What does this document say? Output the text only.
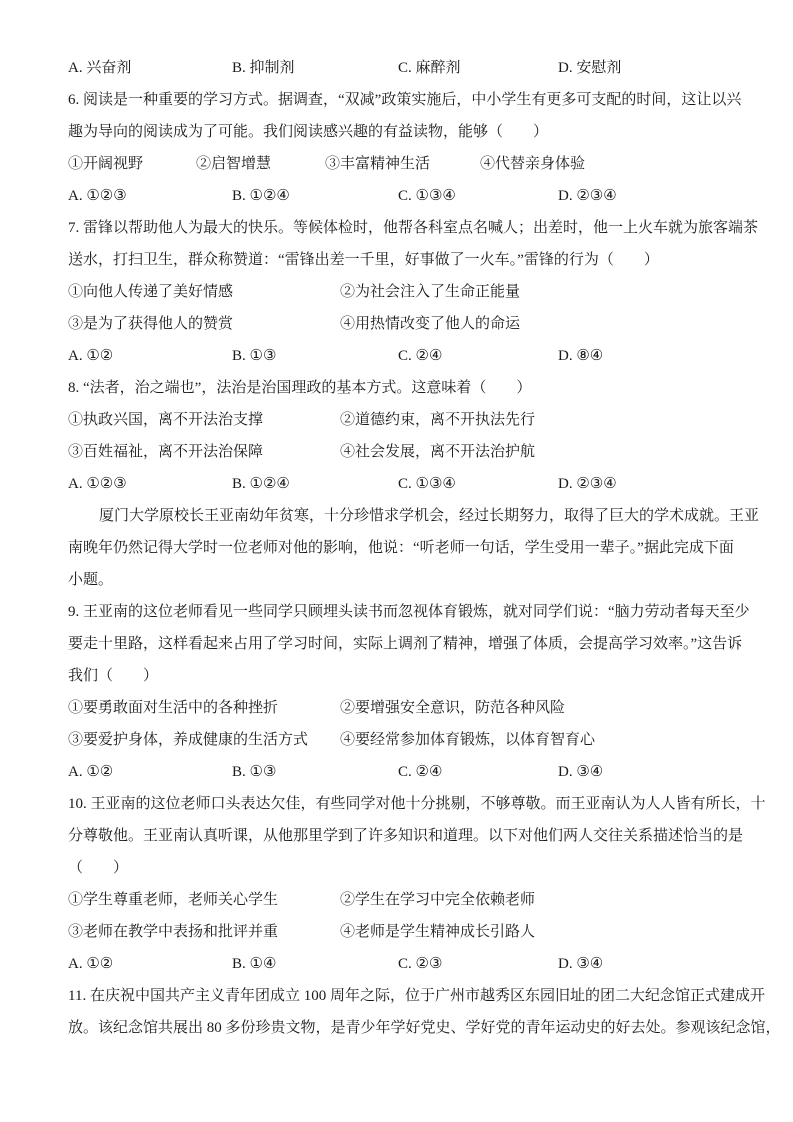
A. 兴奋剂	B. 抑制剂	C. 麻醉剂	D. 安慰剂

6. 阅读是一种重要的学习方式。据调查，“双减”政策实施后，中小学生有更多可支配的时间，这让以兴

趣为导向的阅读成为了可能。我们阅读感兴趣的有益读物，能够（　　）

①开阔视野	②启智增慧	③丰富精神生活	④代替亲身体验
A. ①②③	B. ①②④	C. ①③④	D. ②③④

7. 雷锋以帮助他人为最大的快乐。等候体检时，他帮各科室点名喊人；出差时，他一上火车就为旅客端茶

送水，打扫卫生，群众称赞道：“雷锋出差一千里，好事做了一火车。”雷锋的行为（　　）

①向他人传递了美好情感	②为社会注入了生命正能量
③是为了获得他人的赞赏	④用热情改变了他人的命运
A. ①②	B. ①③	C. ②④	D. ⑧④

8. “法者，治之端也”，法治是治国理政的基本方式。这意味着（　　）

①执政兴国，离不开法治支撑	②道德约束，离不开执法先行
③百姓福祉，离不开法治保障	④社会发展，离不开法治护航
A. ①②③	B. ①②④	C. ①③④	D. ②③④

厦门大学原校长王亚南幼年贫寒，十分珍惜求学机会，经过长期努力，取得了巨大的学术成就。王亚

南晚年仍然记得大学时一位老师对他的影响，他说：“听老师一句话，学生受用一辈子。”据此完成下面

小题。

9. 王亚南的这位老师看见一些同学只顾埋头读书而忽视体育锻炼，就对同学们说：“脑力劳动者每天至少

要走十里路，这样看起来占用了学习时间，实际上调剂了精神，增强了体质，会提高学习效率。”这告诉

我们（　　）

①要勇敢面对生活中的各种挫折	②要增强安全意识，防范各种风险
③要爱护身体，养成健康的生活方式	④要经常参加体育锻炼，以体育智育心
A. ①②	B. ①③	C. ②④	D. ③④

10. 王亚南的这位老师口头表达欠佳，有些同学对他十分挑剔，不够尊敬。而王亚南认为人人皆有所长，十

分尊敬他。王亚南认真听课，从他那里学到了许多知识和道理。以下对他们两人交往关系描述恰当的是

（　　）

①学生尊重老师，老师关心学生	②学生在学习中完全依赖老师
③老师在教学中表扬和批评并重	④老师是学生精神成长引路人
A. ①②	B. ①④	C. ②③	D. ③④

11. 在庆祝中国共产主义青年团成立 100 周年之际，位于广州市越秀区东园旧址的团二大纪念馆正式建成开

放。该纪念馆共展出 80 多份珍贵文物，是青少年学好党史、学好党的青年运动史的好去处。参观该纪念馆，
